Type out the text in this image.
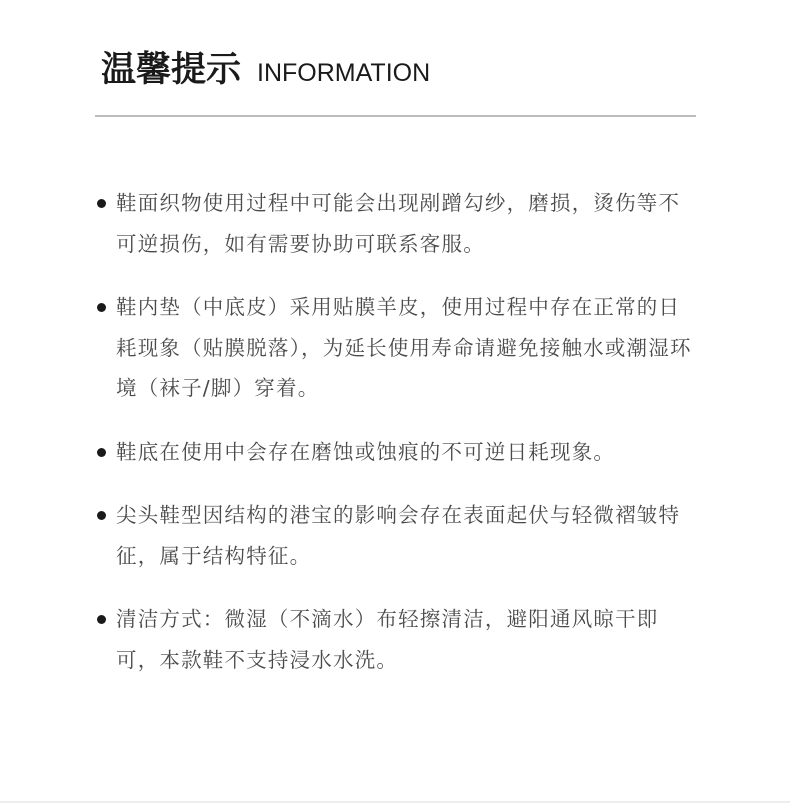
温馨提示 INFORMATION
鞋面织物使用过程中可能会出现剐蹭勾纱，磨损，烫伤等不可逆损伤，如有需要协助可联系客服。
鞋内垫（中底皮）采用贴膜羊皮，使用过程中存在正常的日耗现象（贴膜脱落），为延长使用寿命请避免接触水或潮湿环境（袜子/脚）穿着。
鞋底在使用中会存在磨蚀或蚀痕的不可逆日耗现象。
尖头鞋型因结构的港宝的影响会存在表面起伏与轻微褶皱特征，属于结构特征。
清洁方式：微湿（不滴水）布轻擦清洁，避阳通风晾干即可，本款鞋不支持浸水水洗。
